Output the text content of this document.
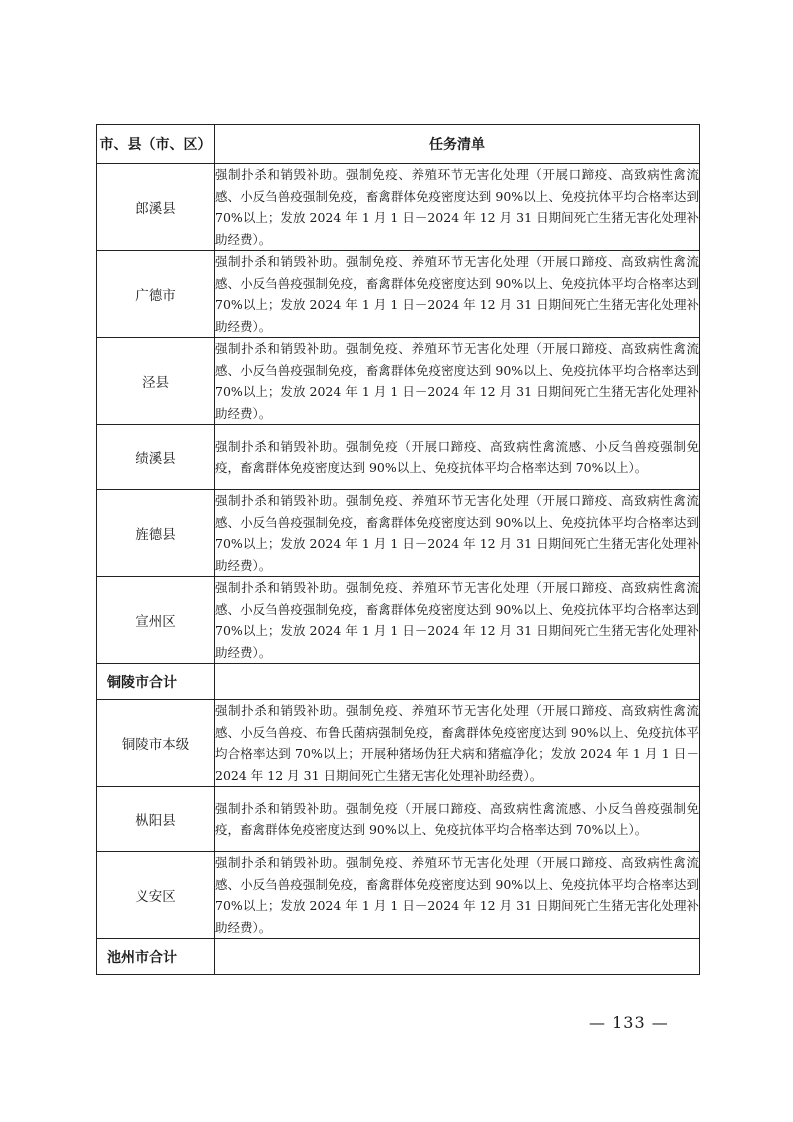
市、县（市、区）	任务清单
郎溪县	强制扑杀和销毁补助。强制免疫、养殖环节无害化处理（开展口蹄疫、高致病性禽流感、小反刍兽疫强制免疫，畜禽群体免疫密度达到 90%以上、免疫抗体平均合格率达到 70%以上；发放 2024 年 1 月 1 日－2024 年 12 月 31 日期间死亡生猪无害化处理补助经费）。
广德市	强制扑杀和销毁补助。强制免疫、养殖环节无害化处理（开展口蹄疫、高致病性禽流感、小反刍兽疫强制免疫，畜禽群体免疫密度达到 90%以上、免疫抗体平均合格率达到 70%以上；发放 2024 年 1 月 1 日－2024 年 12 月 31 日期间死亡生猪无害化处理补助经费）。
泾县	强制扑杀和销毁补助。强制免疫、养殖环节无害化处理（开展口蹄疫、高致病性禽流感、小反刍兽疫强制免疫，畜禽群体免疫密度达到 90%以上、免疫抗体平均合格率达到 70%以上；发放 2024 年 1 月 1 日－2024 年 12 月 31 日期间死亡生猪无害化处理补助经费）。
绩溪县	强制扑杀和销毁补助。强制免疫（开展口蹄疫、高致病性禽流感、小反刍兽疫强制免疫，畜禽群体免疫密度达到 90%以上、免疫抗体平均合格率达到 70%以上）。
旌德县	强制扑杀和销毁补助。强制免疫、养殖环节无害化处理（开展口蹄疫、高致病性禽流感、小反刍兽疫强制免疫，畜禽群体免疫密度达到 90%以上、免疫抗体平均合格率达到 70%以上；发放 2024 年 1 月 1 日－2024 年 12 月 31 日期间死亡生猪无害化处理补助经费）。
宣州区	强制扑杀和销毁补助。强制免疫、养殖环节无害化处理（开展口蹄疫、高致病性禽流感、小反刍兽疫强制免疫，畜禽群体免疫密度达到 90%以上、免疫抗体平均合格率达到 70%以上；发放 2024 年 1 月 1 日－2024 年 12 月 31 日期间死亡生猪无害化处理补助经费）。
铜陵市合计	
铜陵市本级	强制扑杀和销毁补助。强制免疫、养殖环节无害化处理（开展口蹄疫、高致病性禽流感、小反刍兽疫、布鲁氏菌病强制免疫，畜禽群体免疫密度达到 90%以上、免疫抗体平均合格率达到 70%以上；开展种猪场伪狂犬病和猪瘟净化；发放 2024 年 1 月 1 日－2024 年 12 月 31 日期间死亡生猪无害化处理补助经费）。
枞阳县	强制扑杀和销毁补助。强制免疫（开展口蹄疫、高致病性禽流感、小反刍兽疫强制免疫，畜禽群体免疫密度达到 90%以上、免疫抗体平均合格率达到 70%以上）。
义安区	强制扑杀和销毁补助。强制免疫、养殖环节无害化处理（开展口蹄疫、高致病性禽流感、小反刍兽疫强制免疫，畜禽群体免疫密度达到 90%以上、免疫抗体平均合格率达到 70%以上；发放 2024 年 1 月 1 日－2024 年 12 月 31 日期间死亡生猪无害化处理补助经费）。
池州市合计	
— 133 —
